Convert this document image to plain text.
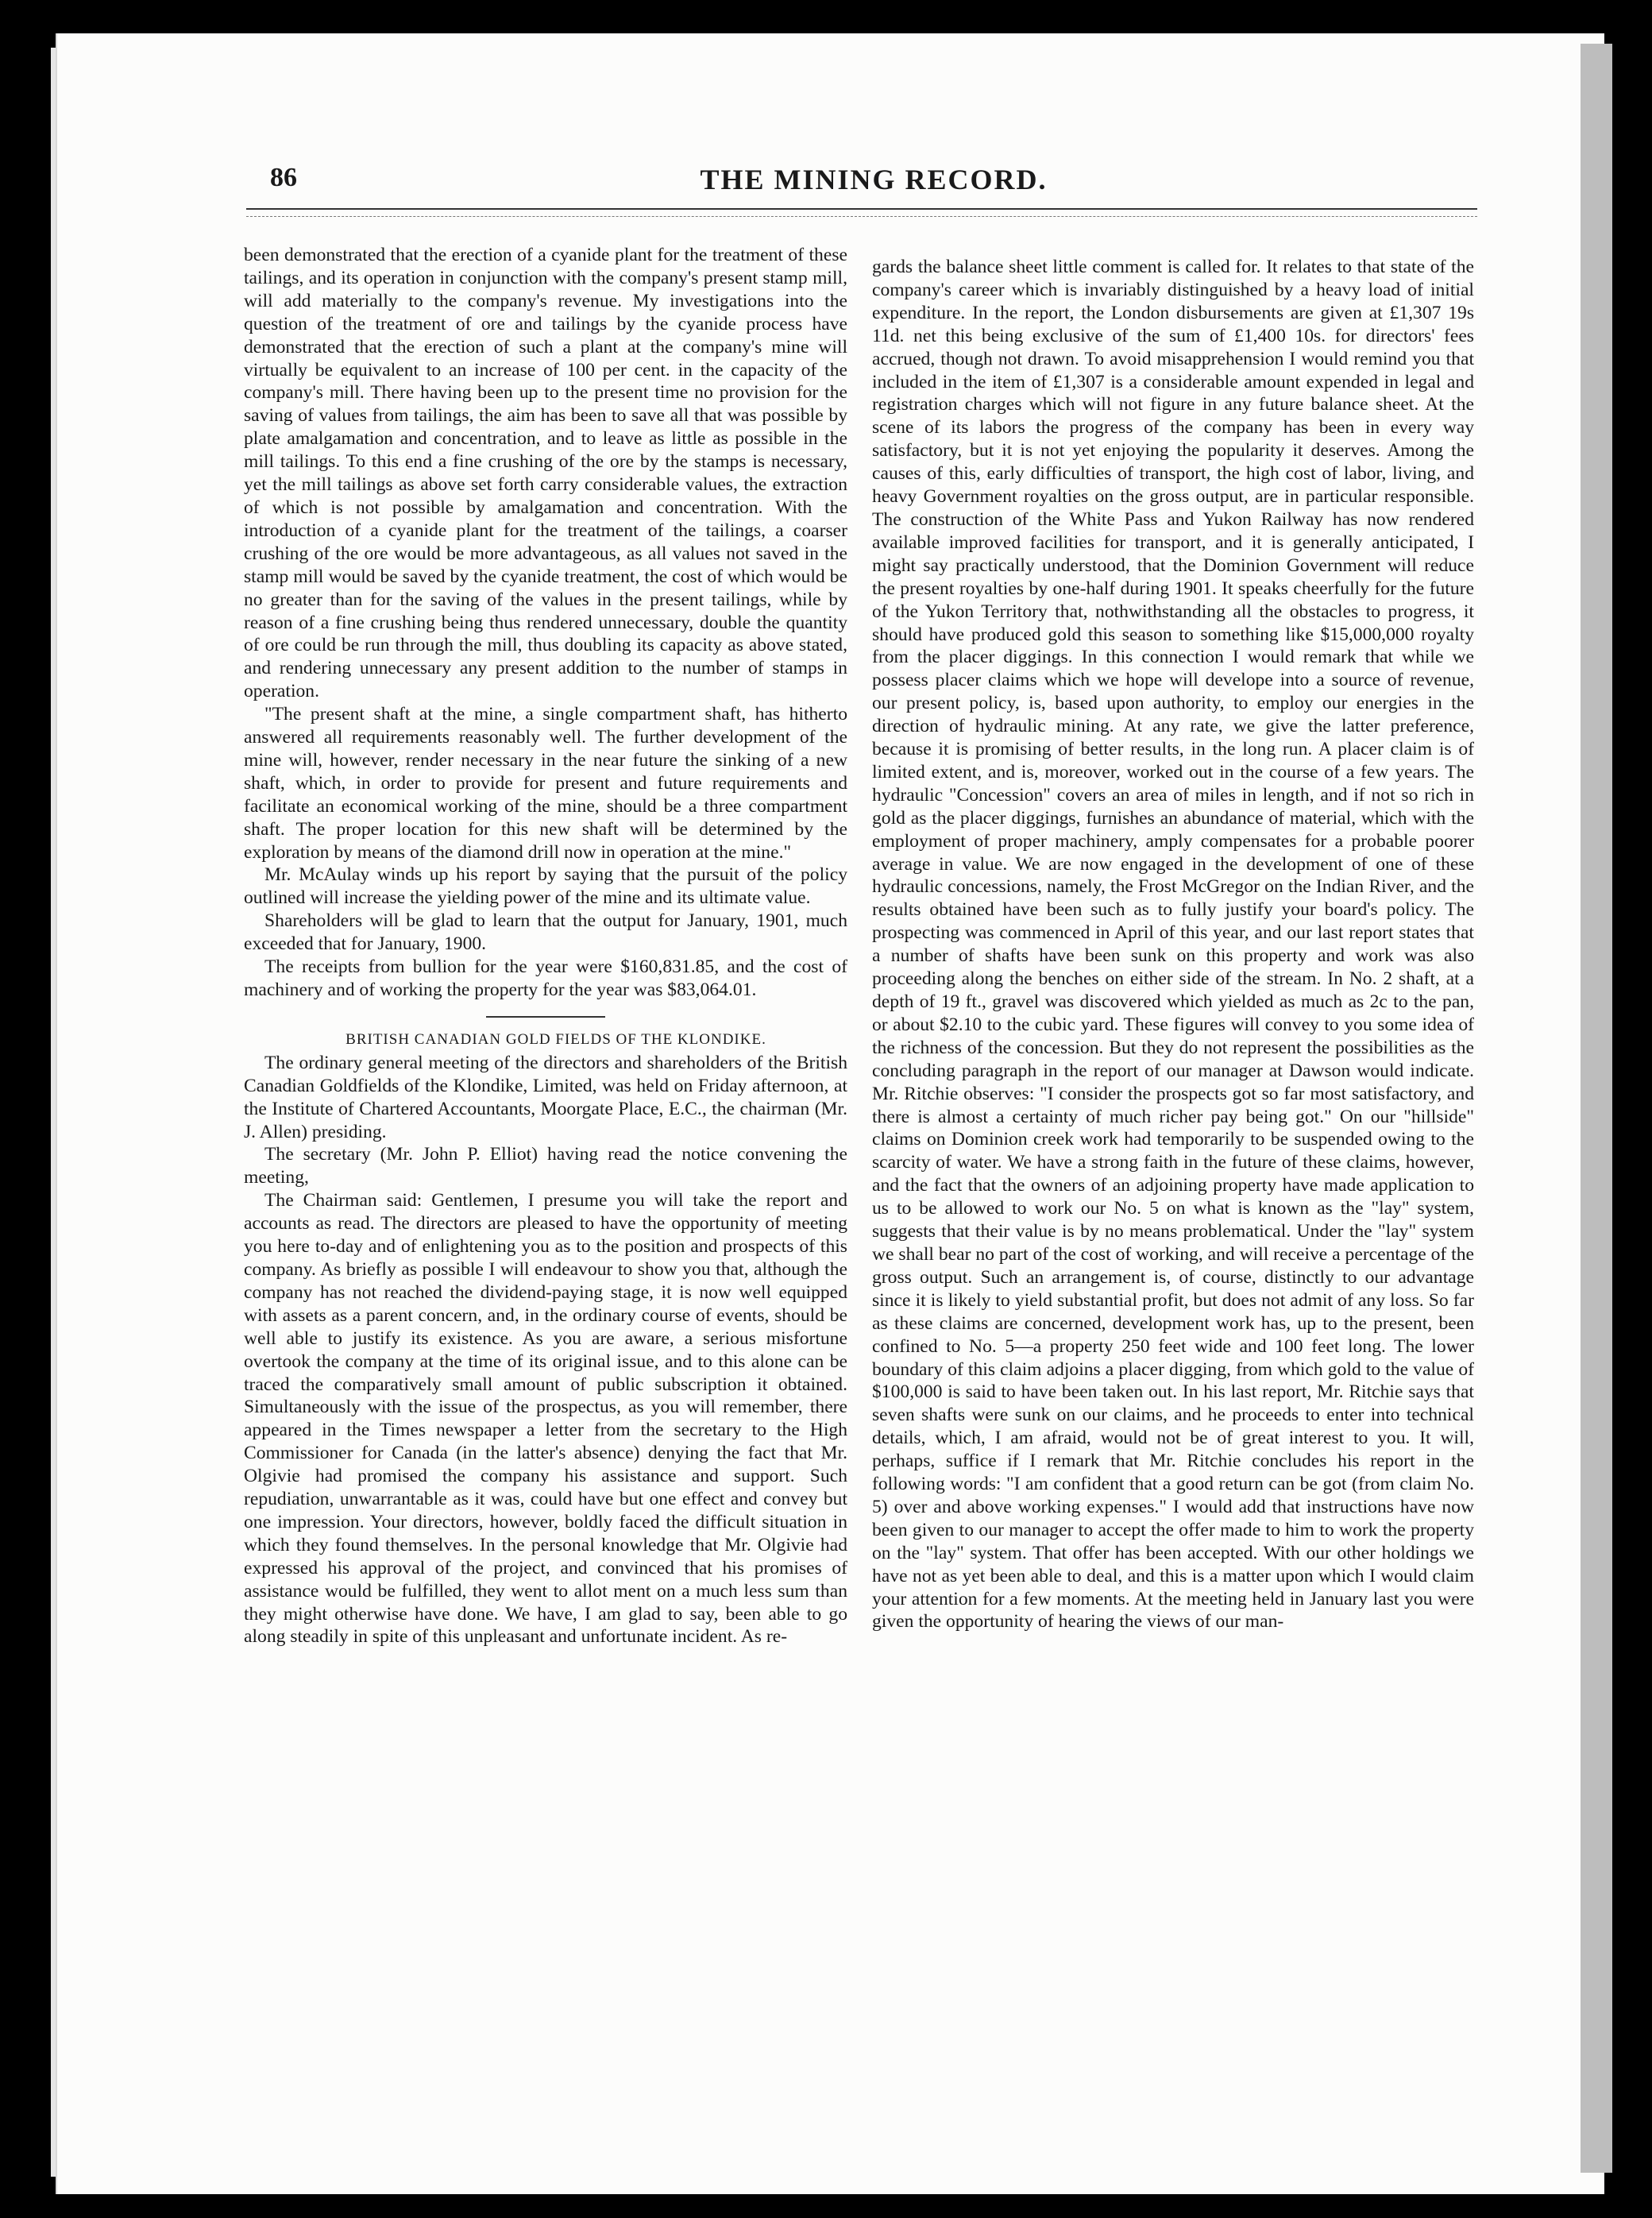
86	THE MINING RECORD.

been demonstrated that the erection of a cyanide plant for the treatment of these tailings, and its operation in conjunction with the company's present stamp mill, will add materially to the company's revenue. My investigations into the question of the treatment of ore and tailings by the cyanide process have demonstrated that the erection of such a plant at the company's mine will virtually be equivalent to an increase of 100 per cent. in the capacity of the company's mill. There having been up to the present time no provision for the saving of values from tailings, the aim has been to save all that was possible by plate amalgamation and concentration, and to leave as little as possible in the mill tailings. To this end a fine crushing of the ore by the stamps is necessary, yet the mill tailings as above set forth carry considerable values, the extraction of which is not possible by amalgamation and concentration. With the introduction of a cyanide plant for the treatment of the tailings, a coarser crushing of the ore would be more advantageous, as all values not saved in the stamp mill would be saved by the cyanide treatment, the cost of which would be no greater than for the saving of the values in the present tailings, while by reason of a fine crushing being thus rendered unnecessary, double the quantity of ore could be run through the mill, thus doubling its capacity as above stated, and rendering unnecessary any present addition to the number of stamps in operation.

"The present shaft at the mine, a single compartment shaft, has hitherto answered all requirements reasonably well. The further development of the mine will, however, render necessary in the near future the sinking of a new shaft, which, in order to provide for present and future requirements and facilitate an economical working of the mine, should be a three compartment shaft. The proper location for this new shaft will be determined by the exploration by means of the diamond drill now in operation at the mine."

Mr. McAulay winds up his report by saying that the pursuit of the policy outlined will increase the yielding power of the mine and its ultimate value.

Shareholders will be glad to learn that the output for January, 1901, much exceeded that for January, 1900.

The receipts from bullion for the year were $160,831.85, and the cost of machinery and of working the property for the year was $83,064.01.

BRITISH CANADIAN GOLD FIELDS OF THE KLONDIKE.

The ordinary general meeting of the directors and shareholders of the British Canadian Goldfields of the Klondike, Limited, was held on Friday afternoon, at the Institute of Chartered Accountants, Moorgate Place, E.C., the chairman (Mr. J. Allen) presiding.

The secretary (Mr. John P. Elliot) having read the notice convening the meeting,

The Chairman said: Gentlemen, I presume you will take the report and accounts as read. The directors are pleased to have the opportunity of meeting you here to-day and of enlightening you as to the position and prospects of this company. As briefly as possible I will endeavour to show you that, although the company has not reached the dividend-paying stage, it is now well equipped with assets as a parent concern, and, in the ordinary course of events, should be well able to justify its existence. As you are aware, a serious misfortune overtook the company at the time of its original issue, and to this alone can be traced the comparatively small amount of public subscription it obtained. Simultaneously with the issue of the prospectus, as you will remember, there appeared in the Times newspaper a letter from the secretary to the High Commissioner for Canada (in the latter's absence) denying the fact that Mr. Olgivie had promised the company his assistance and support. Such repudiation, unwarrantable as it was, could have but one effect and convey but one impression. Your directors, however, boldly faced the difficult situation in which they found themselves. In the personal knowledge that Mr. Olgivie had expressed his approval of the project, and convinced that his promises of assistance would be fulfilled, they went to allot ment on a much less sum than they might otherwise have done. We have, I am glad to say, been able to go along steadily in spite of this unpleasant and unfortunate incident. As re-

gards the balance sheet little comment is called for. It relates to that state of the company's career which is invariably distinguished by a heavy load of initial expenditure. In the report, the London disbursements are given at £1,307 19s 11d. net this being exclusive of the sum of £1,400 10s. for directors' fees accrued, though not drawn. To avoid misapprehension I would remind you that included in the item of £1,307 is a considerable amount expended in legal and registration charges which will not figure in any future balance sheet. At the scene of its labors the progress of the company has been in every way satisfactory, but it is not yet enjoying the popularity it deserves. Among the causes of this, early difficulties of transport, the high cost of labor, living, and heavy Government royalties on the gross output, are in particular responsible. The construction of the White Pass and Yukon Railway has now rendered available improved facilities for transport, and it is generally anticipated, I might say practically understood, that the Dominion Government will reduce the present royalties by one-half during 1901. It speaks cheerfully for the future of the Yukon Territory that, nothwithstanding all the obstacles to progress, it should have produced gold this season to something like $15,000,000 royalty from the placer diggings. In this connection I would remark that while we possess placer claims which we hope will develope into a source of revenue, our present policy, is, based upon authority, to employ our energies in the direction of hydraulic mining. At any rate, we give the latter preference, because it is promising of better results, in the long run. A placer claim is of limited extent, and is, moreover, worked out in the course of a few years. The hydraulic "Concession" covers an area of miles in length, and if not so rich in gold as the placer diggings, furnishes an abundance of material, which with the employment of proper machinery, amply compensates for a probable poorer average in value. We are now engaged in the development of one of these hydraulic concessions, namely, the Frost McGregor on the Indian River, and the results obtained have been such as to fully justify your board's policy. The prospecting was commenced in April of this year, and our last report states that a number of shafts have been sunk on this property and work was also proceeding along the benches on either side of the stream. In No. 2 shaft, at a depth of 19 ft., gravel was discovered which yielded as much as 2c to the pan, or about $2.10 to the cubic yard. These figures will convey to you some idea of the richness of the concession. But they do not represent the possibilities as the concluding paragraph in the report of our manager at Dawson would indicate. Mr. Ritchie observes: "I consider the prospects got so far most satisfactory, and there is almost a certainty of much richer pay being got." On our "hillside" claims on Dominion creek work had temporarily to be suspended owing to the scarcity of water. We have a strong faith in the future of these claims, however, and the fact that the owners of an adjoining property have made application to us to be allowed to work our No. 5 on what is known as the "lay" system, suggests that their value is by no means problematical. Under the "lay" system we shall bear no part of the cost of working, and will receive a percentage of the gross output. Such an arrangement is, of course, distinctly to our advantage since it is likely to yield substantial profit, but does not admit of any loss. So far as these claims are concerned, development work has, up to the present, been confined to No. 5—a property 250 feet wide and 100 feet long. The lower boundary of this claim adjoins a placer digging, from which gold to the value of $100,000 is said to have been taken out. In his last report, Mr. Ritchie says that seven shafts were sunk on our claims, and he proceeds to enter into technical details, which, I am afraid, would not be of great interest to you. It will, perhaps, suffice if I remark that Mr. Ritchie concludes his report in the following words: "I am confident that a good return can be got (from claim No. 5) over and above working expenses." I would add that instructions have now been given to our manager to accept the offer made to him to work the property on the "lay" system. That offer has been accepted. With our other holdings we have not as yet been able to deal, and this is a matter upon which I would claim your attention for a few moments. At the meeting held in January last you were given the opportunity of hearing the views of our man-
